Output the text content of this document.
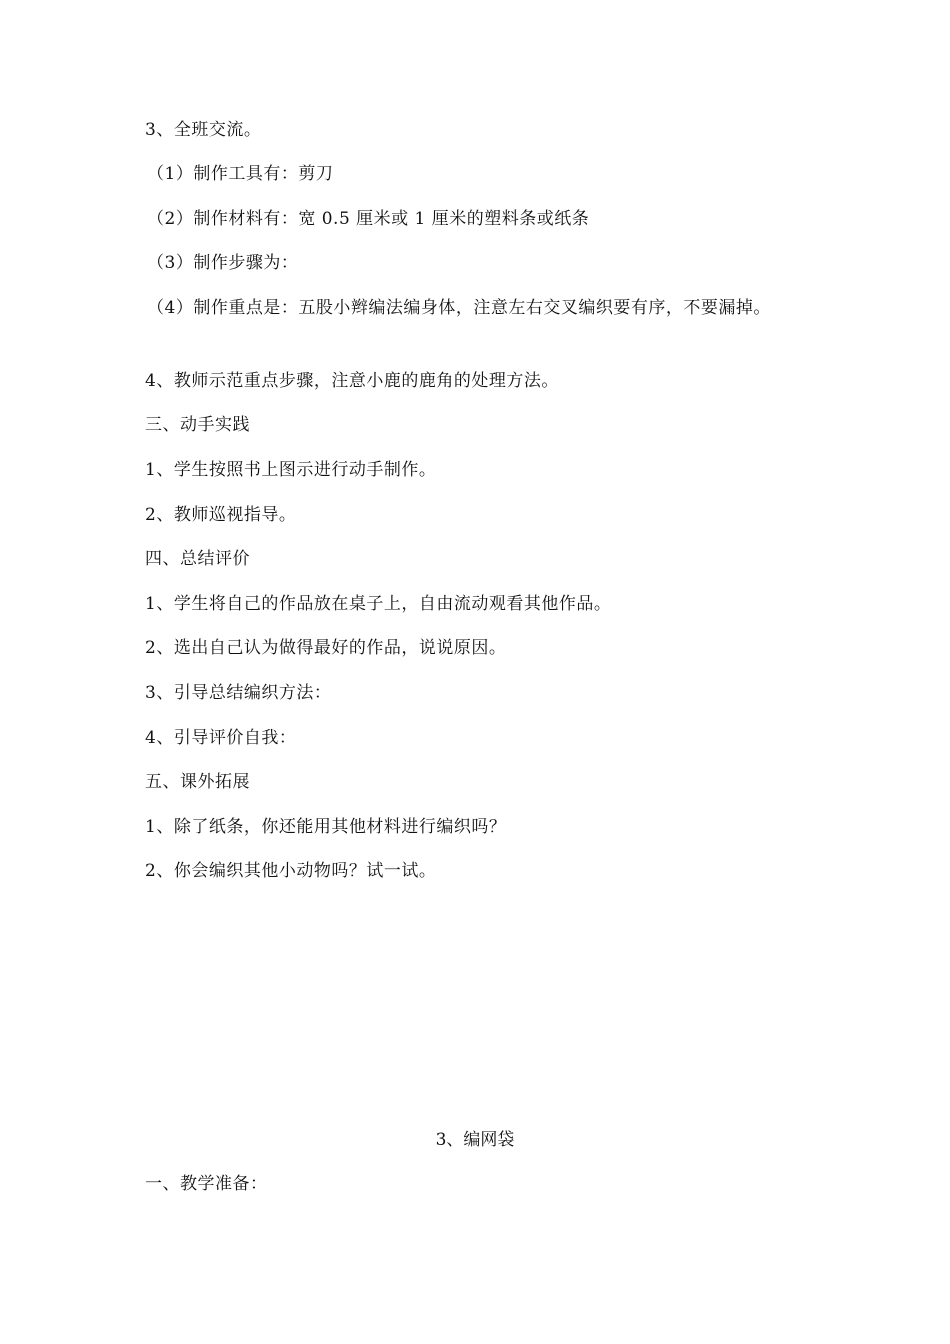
3、全班交流。
（1）制作工具有：剪刀
（2）制作材料有：宽 0.5 厘米或 1 厘米的塑料条或纸条
（3）制作步骤为：
（4）制作重点是：五股小辫编法编身体，注意左右交叉编织要有序，不要漏掉。
4、教师示范重点步骤，注意小鹿的鹿角的处理方法。
三、动手实践
1、学生按照书上图示进行动手制作。
2、教师巡视指导。
四、总结评价
1、学生将自己的作品放在桌子上，自由流动观看其他作品。
2、选出自己认为做得最好的作品，说说原因。
3、引导总结编织方法：
4、引导评价自我：
五、课外拓展
1、除了纸条，你还能用其他材料进行编织吗？
2、你会编织其他小动物吗？试一试。
3、编网袋
一、教学准备：
